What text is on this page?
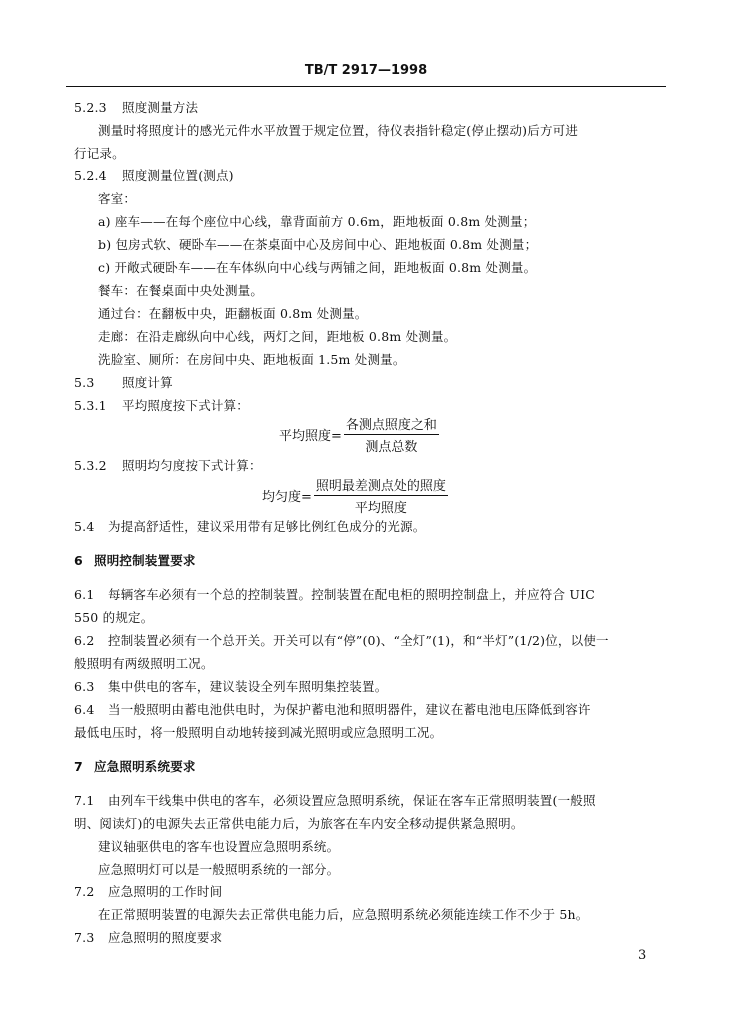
TB/T 2917—1998
5.2.3 照度测量方法
测量时将照度计的感光元件水平放置于规定位置，待仪表指针稳定(停止摆动)后方可进
行记录。
5.2.4 照度测量位置(测点)
客室：
a) 座车——在每个座位中心线，靠背面前方 0.6m，距地板面 0.8m 处测量；
b) 包房式软、硬卧车——在茶桌面中心及房间中心、距地板面 0.8m 处测量；
c) 开敞式硬卧车——在车体纵向中心线与两铺之间，距地板面 0.8m 处测量。
餐车：在餐桌面中央处测量。
通过台：在翻板中央，距翻板面 0.8m 处测量。
走廊：在沿走廊纵向中心线，两灯之间，距地板 0.8m 处测量。
洗脸室、厕所：在房间中央、距地板面 1.5m 处测量。
5.3 照度计算
5.3.1 平均照度按下式计算：
平均照度= $\frac{\text{各测点照度之和}}{\text{测点总数}}$
5.3.2 照明均匀度按下式计算：
均匀度= $\frac{\text{照明最差测点处的照度}}{\text{平均照度}}$
5.4 为提高舒适性，建议采用带有足够比例红色成分的光源。
6 照明控制装置要求
6.1 每辆客车必须有一个总的控制装置。控制装置在配电柜的照明控制盘上，并应符合 UIC
550 的规定。
6.2 控制装置必须有一个总开关。开关可以有“停”(0)、“全灯”(1)，和“半灯”(1/2)位，以使一
般照明有两级照明工况。
6.3 集中供电的客车，建议装设全列车照明集控装置。
6.4 当一般照明由蓄电池供电时，为保护蓄电池和照明器件，建议在蓄电池电压降低到容许
最低电压时，将一般照明自动地转接到减光照明或应急照明工况。
7 应急照明系统要求
7.1 由列车干线集中供电的客车，必须设置应急照明系统，保证在客车正常照明装置(一般照
明、阅读灯)的电源失去正常供电能力后，为旅客在车内安全移动提供紧急照明。
建议轴驱供电的客车也设置应急照明系统。
应急照明灯可以是一般照明系统的一部分。
7.2 应急照明的工作时间
在正常照明装置的电源失去正常供电能力后，应急照明系统必须能连续工作不少于 5h。
7.3 应急照明的照度要求
3
